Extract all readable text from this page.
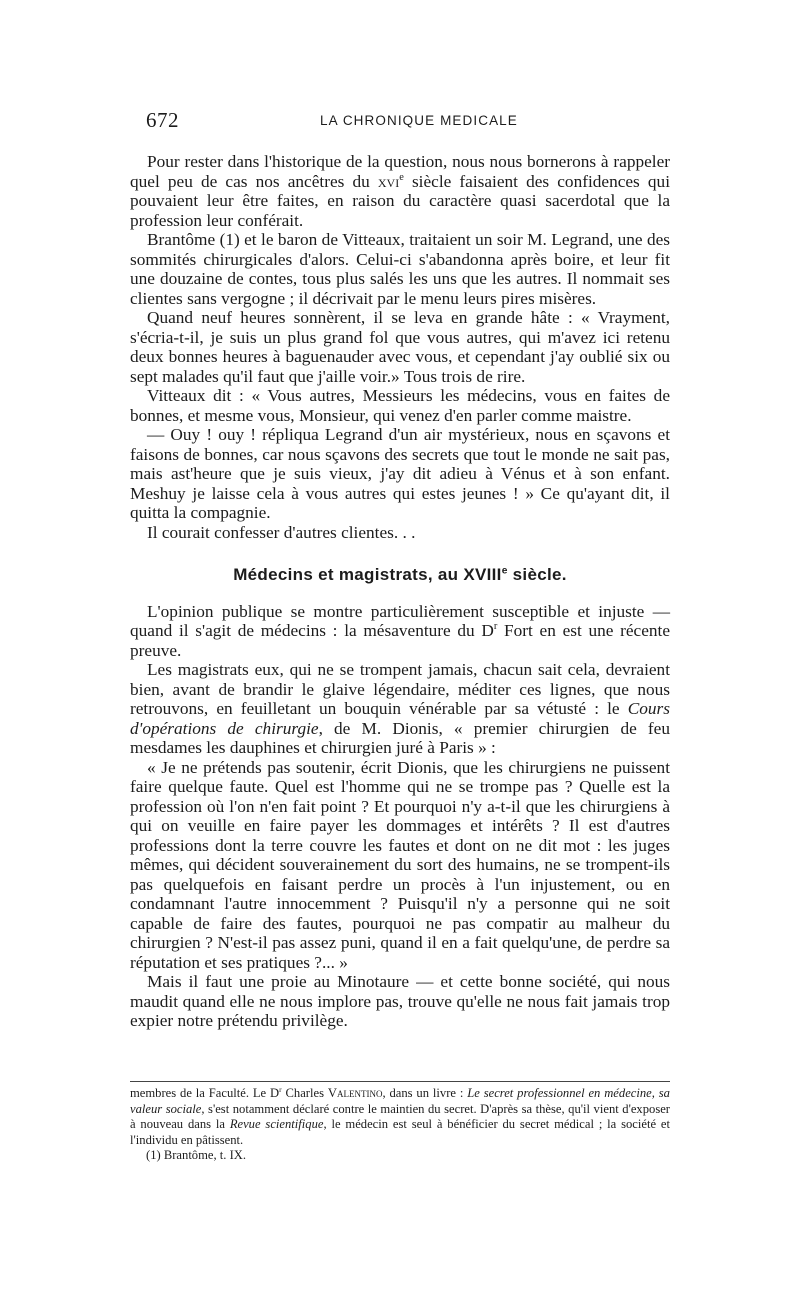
672	LA CHRONIQUE MEDICALE

Pour rester dans l'historique de la question, nous nous bornerons à rappeler quel peu de cas nos ancêtres du xvi$^e$ siècle faisaient des confidences qui pouvaient leur être faites, en raison du caractère quasi sacerdotal que la profession leur conférait.

Brantôme (1) et le baron de Vitteaux, traitaient un soir M. Legrand, une des sommités chirurgicales d'alors. Celui-ci s'abandonna après boire, et leur fit une douzaine de contes, tous plus salés les uns que les autres. Il nommait ses clientes sans vergogne ; il décrivait par le menu leurs pires misères.

Quand neuf heures sonnèrent, il se leva en grande hâte : « Vrayment, s'écria-t-il, je suis un plus grand fol que vous autres, qui m'avez ici retenu deux bonnes heures à baguenauder avec vous, et cependant j'ay oublié six ou sept malades qu'il faut que j'aille voir.» Tous trois de rire.

Vitteaux dit : « Vous autres, Messieurs les médecins, vous en faites de bonnes, et mesme vous, Monsieur, qui venez d'en parler comme maistre.

— Ouy ! ouy ! répliqua Legrand d'un air mystérieux, nous en sçavons et faisons de bonnes, car nous sçavons des secrets que tout le monde ne sait pas, mais ast'heure que je suis vieux, j'ay dit adieu à Vénus et à son enfant. Meshuy je laisse cela à vous autres qui estes jeunes ! » Ce qu'ayant dit, il quitta la compagnie.

Il courait confesser d'autres clientes. . .

Médecins et magistrats, au XVIIIe siècle.

L'opinion publique se montre particulièrement susceptible et injuste — quand il s'agit de médecins : la mésaventure du $D^r$ Fort en est une récente preuve.

Les magistrats eux, qui ne se trompent jamais, chacun sait cela, devraient bien, avant de brandir le glaive légendaire, méditer ces lignes, que nous retrouvons, en feuilletant un bouquin vénérable par sa vétusté : le Cours d'opérations de chirurgie, de M. Dionis, « premier chirurgien de feu mesdames les dauphines et chirurgien juré à Paris » :

« Je ne prétends pas soutenir, écrit Dionis, que les chirurgiens ne puissent faire quelque faute. Quel est l'homme qui ne se trompe pas ? Quelle est la profession où l'on n'en fait point ? Et pourquoi n'y a-t-il que les chirurgiens à qui on veuille en faire payer les dommages et intérêts ? Il est d'autres professions dont la terre couvre les fautes et dont on ne dit mot : les juges mêmes, qui décident souverainement du sort des humains, ne se trompent-ils pas quelquefois en faisant perdre un procès à l'un injustement, ou en condamnant l'autre innocemment ? Puisqu'il n'y a personne qui ne soit capable de faire des fautes, pourquoi ne pas compatir au malheur du chirurgien ? N'est-il pas assez puni, quand il en a fait quelqu'une, de perdre sa réputation et ses pratiques ?... »

Mais il faut une proie au Minotaure — et cette bonne société, qui nous maudit quand elle ne nous implore pas, trouve qu'elle ne nous fait jamais trop expier notre prétendu privilège.

membres de la Faculté. Le $D^r$ Charles Valentino, dans un livre : Le secret professionnel en médecine, sa valeur sociale, s'est notamment déclaré contre le maintien du secret. D'après sa thèse, qu'il vient d'exposer à nouveau dans la Revue scientifique, le médecin est seul à bénéficier du secret médical ; la société et l'individu en pâtissent.

(1) Brantôme, t. IX.
